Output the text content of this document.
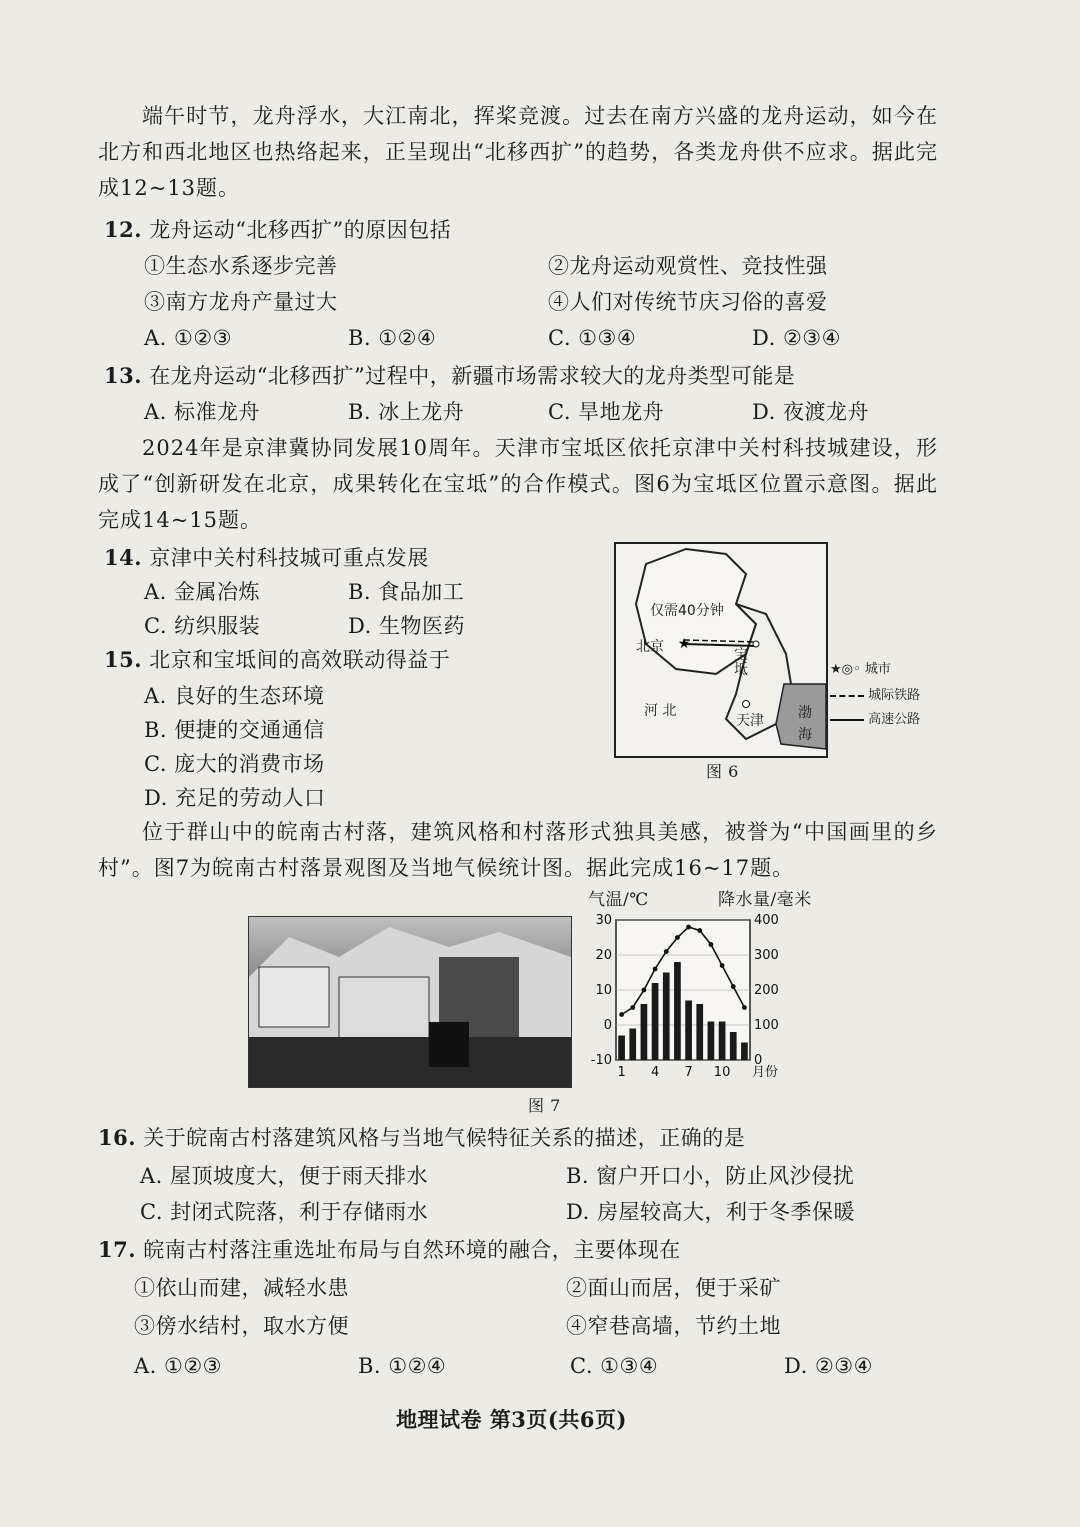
端午时节，龙舟浮水，大江南北，挥桨竞渡。过去在南方兴盛的龙舟运动，如今在北方和西北地区也热络起来，正呈现出“北移西扩”的趋势，各类龙舟供不应求。据此完成12~13题。
12. 龙舟运动“北移西扩”的原因包括
①生态水系逐步完善	②龙舟运动观赏性、竞技性强
③南方龙舟产量过大	④人们对传统节庆习俗的喜爱
A. ①②③	B. ①②④	C. ①③④	D. ②③④
13. 在龙舟运动“北移西扩”过程中，新疆市场需求较大的龙舟类型可能是
A. 标准龙舟	B. 冰上龙舟	C. 旱地龙舟	D. 夜渡龙舟
2024年是京津冀协同发展10周年。天津市宝坻区依托京津中关村科技城建设，形成了“创新研发在北京，成果转化在宝坻”的合作模式。图6为宝坻区位置示意图。据此完成14~15题。
14. 京津中关村科技城可重点发展
A. 金属冶炼	B. 食品加工
C. 纺织服装	D. 生物医药
15. 北京和宝坻间的高效联动得益于
A. 良好的生态环境
B. 便捷的交通通信
C. 庞大的消费市场
D. 充足的劳动人口
★
仅需40分钟
北京	宝坻
河 北
天津 渤
海
★◎◦ 城市
城际铁路
高速公路
图 6
位于群山中的皖南古村落，建筑风格和村落形式独具美感，被誉为“中国画里的乡村”。图7为皖南古村落景观图及当地气候统计图。据此完成16~17题。
气温/℃	降水量/毫米
30
20
10
0
-10
400
300
200
100
0
1 4 7 10 月份
图 7
16. 关于皖南古村落建筑风格与当地气候特征关系的描述，正确的是
A. 屋顶坡度大，便于雨天排水	B. 窗户开口小，防止风沙侵扰
C. 封闭式院落，利于存储雨水	D. 房屋较高大，利于冬季保暖
17. 皖南古村落注重选址布局与自然环境的融合，主要体现在
①依山而建，减轻水患	②面山而居，便于采矿
③傍水结村，取水方便	④窄巷高墙，节约土地
A. ①②③	B. ①②④	C. ①③④	D. ②③④
地理试卷 第3页(共6页)
